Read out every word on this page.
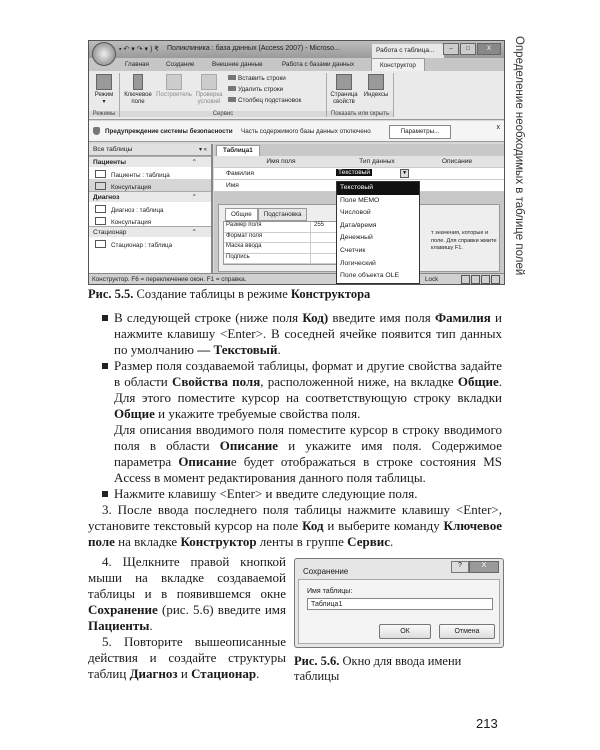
Определение необходимых в таблице полей
▪ ↶ ▾ ↷ ▾ ) ₹ Поликлиника : база данных (Access 2007) - Microso...	Работа с таблица...	–	□	X
Главная	Создание	Внешние данные	Работа с базами данных	Конструктор
Режим
▾
Режимы
Ключевое поле
Построитель Проверка условий
Вставить строки
Удалить строки
Столбец подстановок
Сервис
Страница свойств
Индексы
Показать или скрыть
Предупреждение системы безопасности Часть содержимого базы данных отключено	Параметры...
x
Все таблицы	▾ «
Пациенты	⌃
Пациенты : таблица
Консультация
Диагноз	⌃
Диагноз : таблица
Консультация
Стационар	⌃
Стационар : таблица
Таблица1
Имя поля	Тип данных	Описание
Фамилия	Текстовый	▼
Имя
Общие Подстановка
Размер поля	255
Формат поля
Маска ввода
Подпись
т значения, которые и поле. Для справки жмите клавишу F1.
Текстовый
Поле MEMO
Числовой
Дата/время
Денежный
Счетчик
Логический
Поле объекта OLE
Конструктор. F6 = переключение окон. F1 = справка.	Lock
Рис. 5.5. Создание таблицы в режиме Конструктора
В следующей строке (ниже поля Код) введите имя поля Фамилия и нажмите клавишу <Enter>. В соседней ячейке появится тип данных по умолчанию — Текстовый.
Размер поля создаваемой таблицы, формат и другие свойства задайте в области Свойства поля, расположенной ниже, на вкладке Общие. Для этого поместите курсор на соответствующую строку вкладки Общие и укажите требуемые свойства поля.
Для описания вводимого поля поместите курсор в строку вводимого поля в области Описание и укажите имя поля. Содержимое параметра Описание будет отображаться в строке состояния MS Access в момент редактирования данного поля таблицы.
Нажмите клавишу <Enter> и введите следующие поля.
3. После ввода последнего поля таблицы нажмите клавишу <Enter>, установите текстовый курсор на поле Код и выберите команду Ключевое поле на вкладке Конструктор ленты в группе Сервис.
4. Щелкните правой кнопкой мыши на вкладке создаваемой таблицы и в появившемся окне Сохранение (рис. 5.6) введите имя Пациенты.
5. Повторите вышеописанные действия и создайте структуры таблиц Диагноз и Стационар.
Сохранение
?	X
Имя таблицы:
Таблица1
ОК	Отмена
Рис. 5.6. Окно для ввода имени таблицы
213
